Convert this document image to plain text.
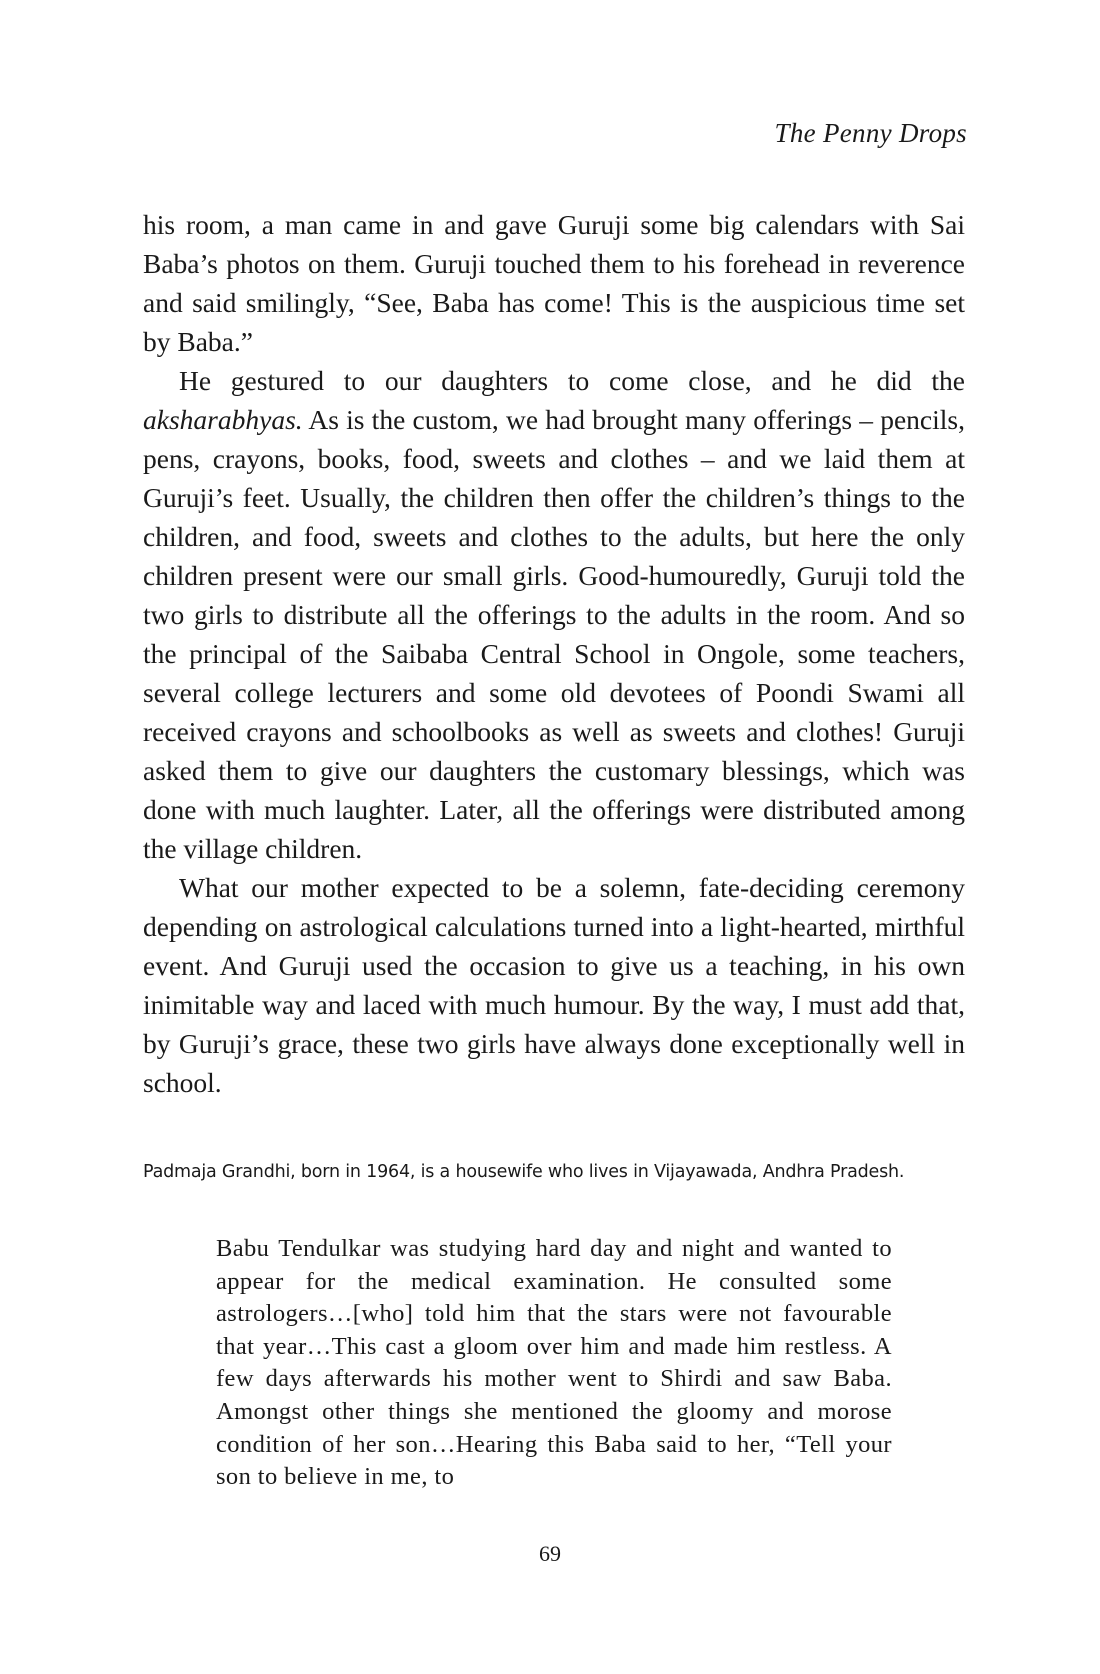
The Penny Drops

his room, a man came in and gave Guruji some big calendars with Sai Baba’s photos on them. Guruji touched them to his forehead in reverence and said smilingly, “See, Baba has come! This is the auspicious time set by Baba.”

He gestured to our daughters to come close, and he did the aksharabhyas. As is the custom, we had brought many offerings – pencils, pens, crayons, books, food, sweets and clothes – and we laid them at Guruji’s feet. Usually, the children then offer the children’s things to the children, and food, sweets and clothes to the adults, but here the only children present were our small girls. Good-humouredly, Guruji told the two girls to distribute all the offerings to the adults in the room. And so the principal of the Saibaba Central School in Ongole, some teachers, several college lecturers and some old devotees of Poondi Swami all received crayons and schoolbooks as well as sweets and clothes! Guruji asked them to give our daughters the customary blessings, which was done with much laughter. Later, all the offerings were distributed among the village children.

What our mother expected to be a solemn, fate-deciding ceremony depending on astrological calculations turned into a light-hearted, mirthful event. And Guruji used the occasion to give us a teaching, in his own inimitable way and laced with much humour. By the way, I must add that, by Guruji’s grace, these two girls have always done exceptionally well in school.

Padmaja Grandhi, born in 1964, is a housewife who lives in Vijayawada, Andhra Pradesh.

Babu Tendulkar was studying hard day and night and wanted to appear for the medical examination. He consulted some astrologers…[who] told him that the stars were not favourable that year…This cast a gloom over him and made him restless. A few days afterwards his mother went to Shirdi and saw Baba. Amongst other things she mentioned the gloomy and morose condition of her son…Hearing this Baba said to her, “Tell your son to believe in me, to

69
